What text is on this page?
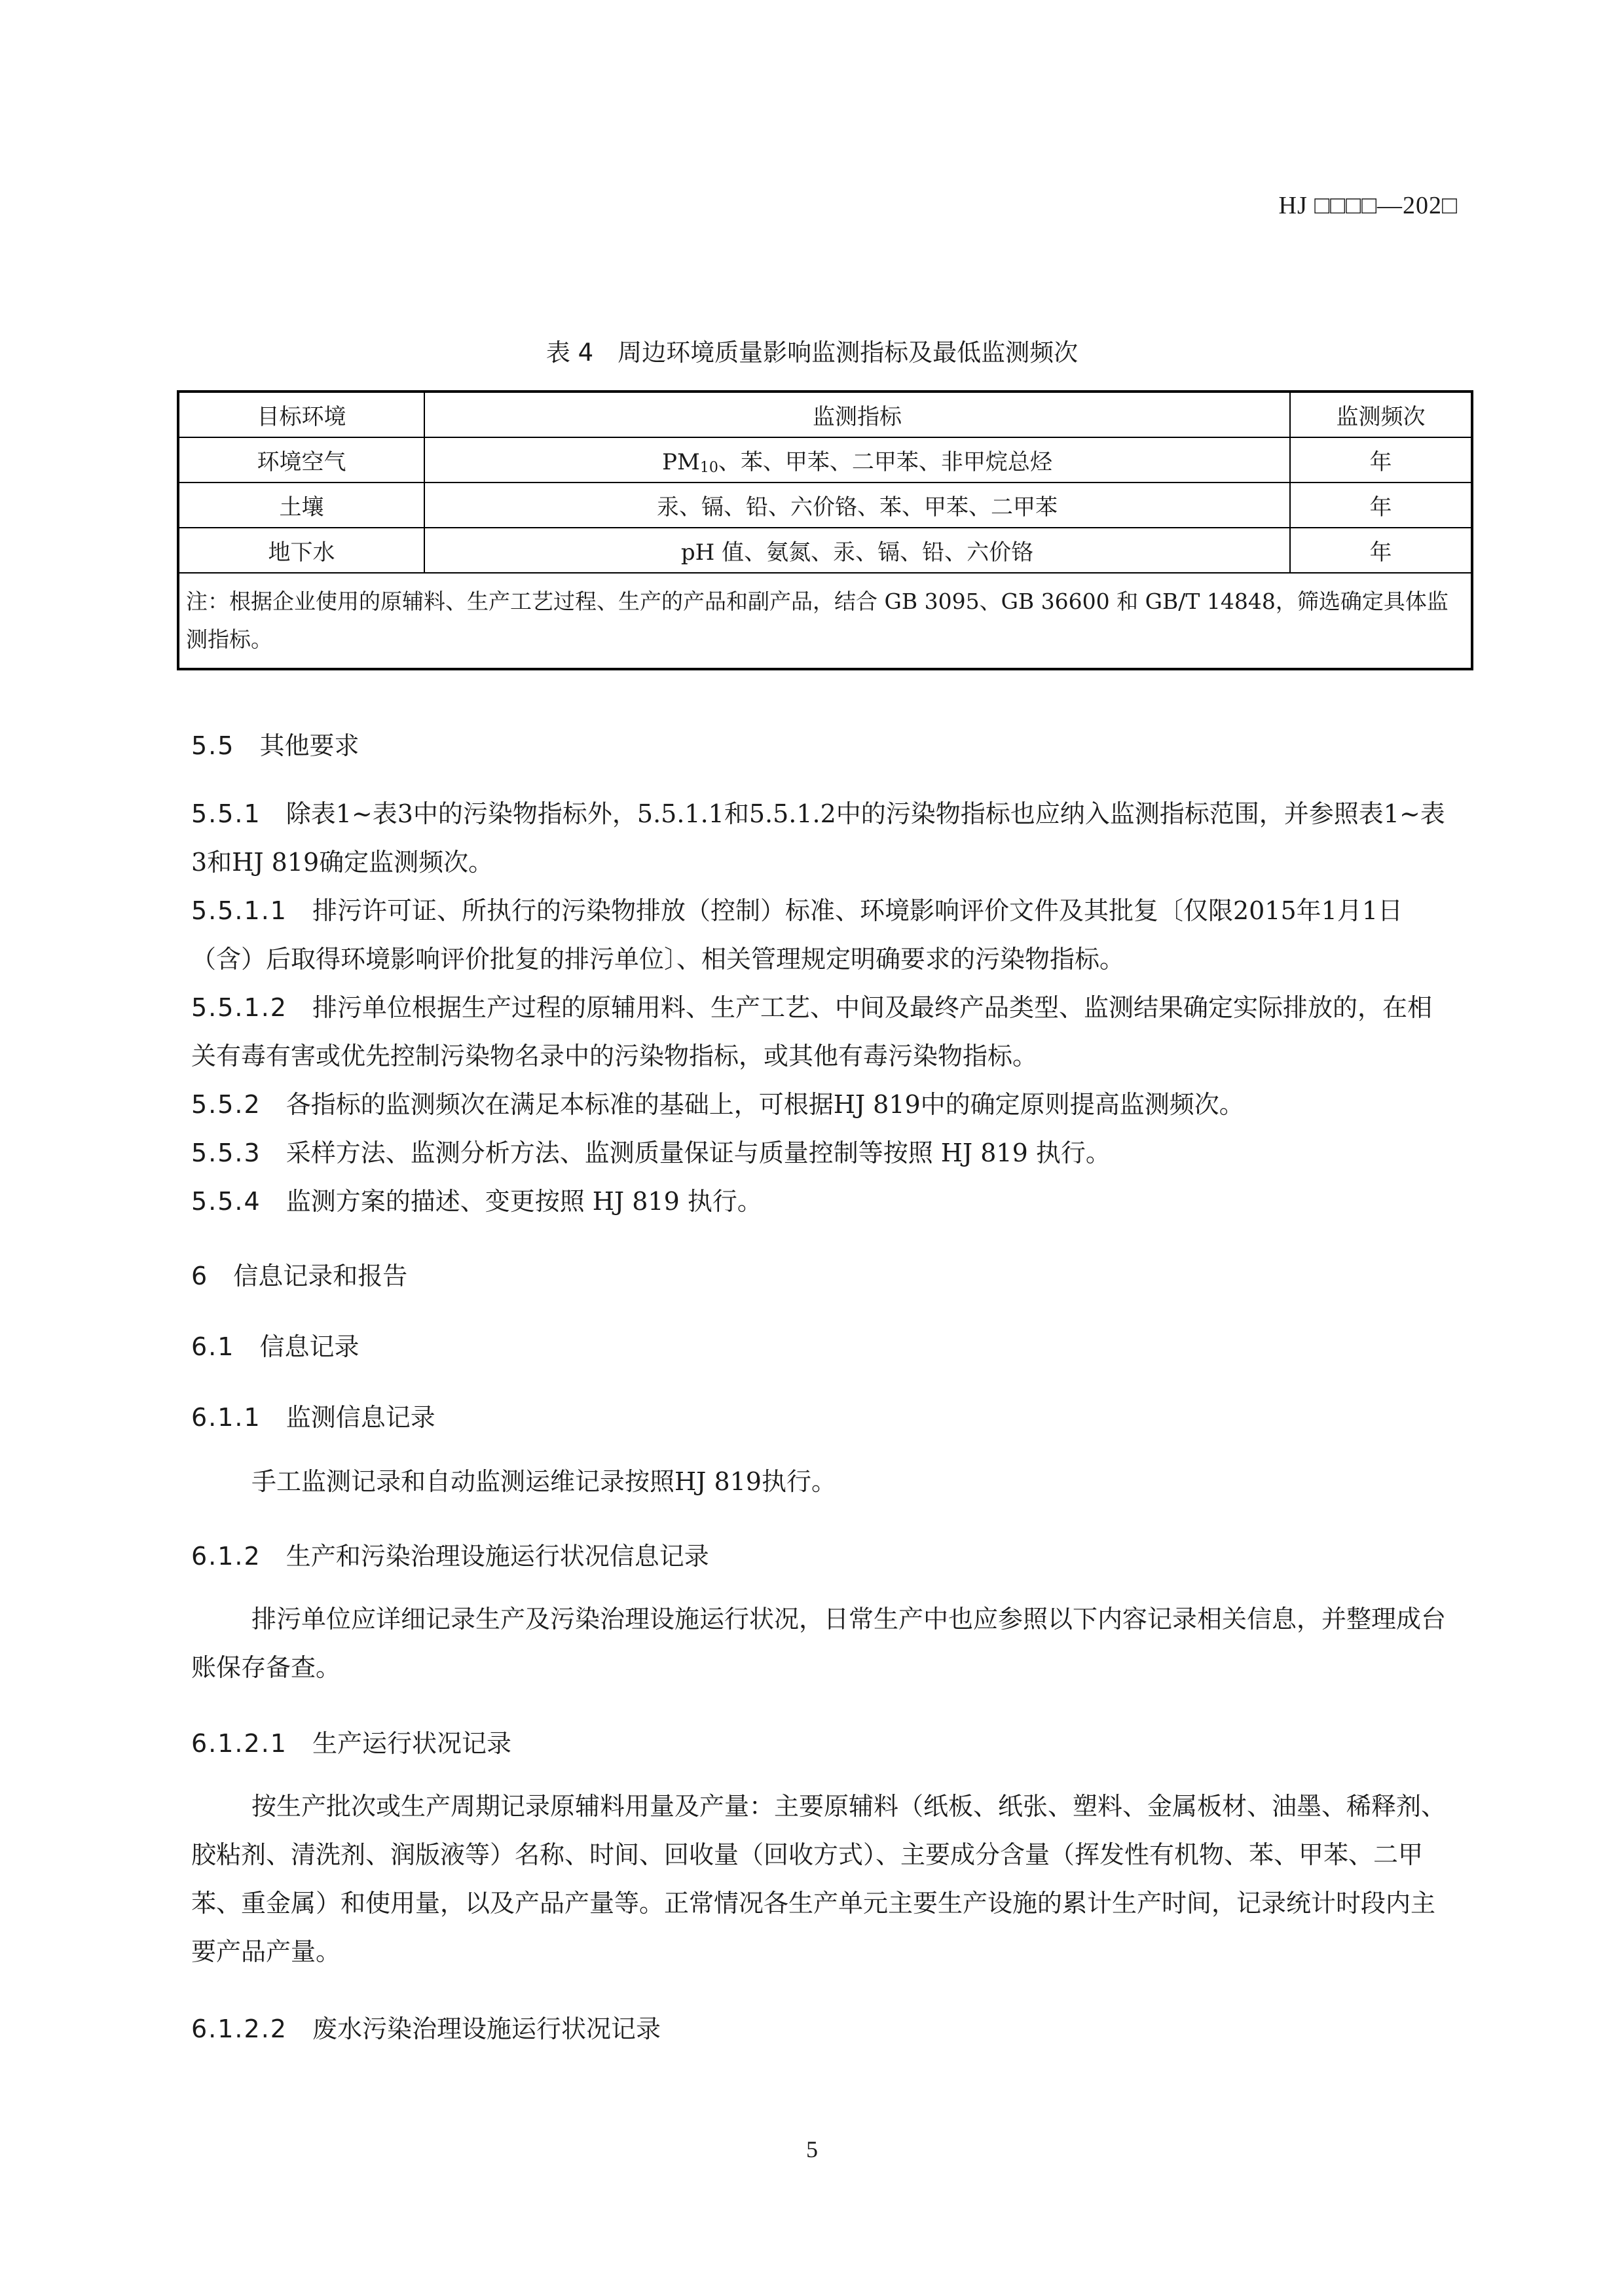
HJ □□□□—202□
表 4　周边环境质量影响监测指标及最低监测频次
目标环境	监测指标	监测频次
环境空气	$PM_{10}$、苯、甲苯、二甲苯、非甲烷总烃	年
土壤	汞、镉、铅、六价铬、苯、甲苯、二甲苯	年
地下水	pH 值、氨氮、汞、镉、铅、六价铬	年
注：根据企业使用的原辅料、生产工艺过程、生产的产品和副产品，结合 GB 3095、GB 36600 和 GB/T 14848，筛选确定具体监测指标。		
5.5 其他要求
5.5.1 除表1~表3中的污染物指标外，5.5.1.1和5.5.1.2中的污染物指标也应纳入监测指标范围，并参照表1~表3和HJ 819确定监测频次。
5.5.1.1 排污许可证、所执行的污染物排放（控制）标准、环境影响评价文件及其批复〔仅限2015年1月1日（含）后取得环境影响评价批复的排污单位〕、相关管理规定明确要求的污染物指标。
5.5.1.2 排污单位根据生产过程的原辅用料、生产工艺、中间及最终产品类型、监测结果确定实际排放的，在相关有毒有害或优先控制污染物名录中的污染物指标，或其他有毒污染物指标。
5.5.2 各指标的监测频次在满足本标准的基础上，可根据HJ 819中的确定原则提高监测频次。
5.5.3 采样方法、监测分析方法、监测质量保证与质量控制等按照 HJ 819 执行。
5.5.4 监测方案的描述、变更按照 HJ 819 执行。
6 信息记录和报告
6.1 信息记录
6.1.1 监测信息记录
手工监测记录和自动监测运维记录按照HJ 819执行。
6.1.2 生产和污染治理设施运行状况信息记录
排污单位应详细记录生产及污染治理设施运行状况，日常生产中也应参照以下内容记录相关信息，并整理成台账保存备查。
6.1.2.1 生产运行状况记录
按生产批次或生产周期记录原辅料用量及产量：主要原辅料（纸板、纸张、塑料、金属板材、油墨、稀释剂、胶粘剂、清洗剂、润版液等）名称、时间、回收量（回收方式）、主要成分含量（挥发性有机物、苯、甲苯、二甲苯、重金属）和使用量，以及产品产量等。正常情况各生产单元主要生产设施的累计生产时间，记录统计时段内主要产品产量。
6.1.2.2 废水污染治理设施运行状况记录
5
